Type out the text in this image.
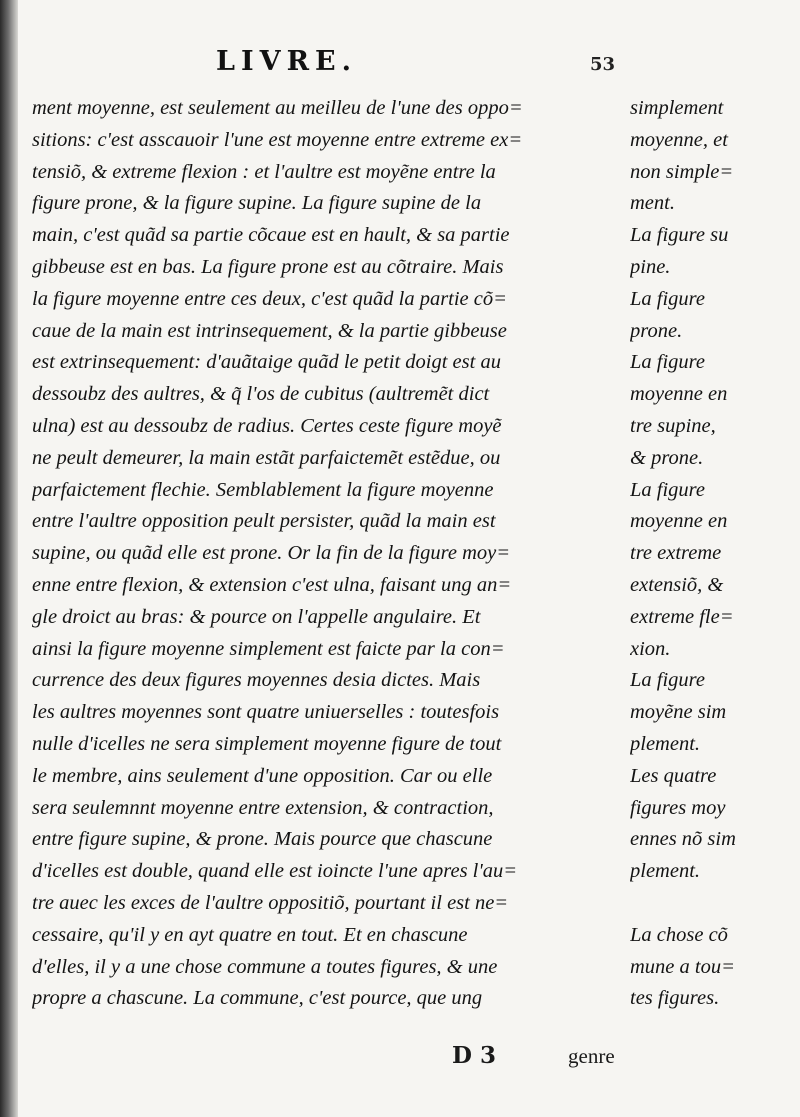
LIVRE.	53
ment moyenne, est seulement au meilleu de l'une des oppo=	simplement
sitions: c'est asscauoir l'une est moyenne entre extreme ex=	moyenne, et
tensiõ, & extreme flexion : et l'aultre est moyẽne entre la	non simple=
figure prone, & la figure supine. La figure supine de la	ment.
main, c'est quãd sa partie cõcaue est en hault, & sa partie	La figure su
gibbeuse est en bas. La figure prone est au cõtraire. Mais	pine.
la figure moyenne entre ces deux, c'est quãd la partie cõ=	La figure
caue de la main est intrinsequement, & la partie gibbeuse	prone.
est extrinsequement: d'auãtaige quãd le petit doigt est au	La figure
dessoubz des aultres, & q̃ l'os de cubitus (aultremẽt dict	moyenne en
ulna) est au dessoubz de radius. Certes ceste figure moyẽ	tre supine,
ne peult demeurer, la main estãt parfaictemẽt estẽdue, ou	& prone.
parfaictement flechie. Semblablement la figure moyenne	La figure
entre l'aultre opposition peult persister, quãd la main est	moyenne en
supine, ou quãd elle est prone. Or la fin de la figure moy=	tre extreme
enne entre flexion, & extension c'est ulna, faisant ung an=	extensiõ, &
gle droict au bras: & pource on l'appelle angulaire. Et	extreme fle=
ainsi la figure moyenne simplement est faicte par la con=	xion.
currence des deux figures moyennes desia dictes. Mais	La figure
les aultres moyennes sont quatre uniuerselles : toutesfois	moyẽne sim
nulle d'icelles ne sera simplement moyenne figure de tout	plement.
le membre, ains seulement d'une opposition. Car ou elle	Les quatre
sera seulemnnt moyenne entre extension, & contraction,	figures moy
entre figure supine, & prone. Mais pource que chascune	ennes nõ sim
d'icelles est double, quand elle est ioincte l'une apres l'au=	plement.
tre auec les exces de l'aultre oppositiõ, pourtant il est ne=
cessaire, qu'il y en ayt quatre en tout. Et en chascune	La chose cõ
d'elles, il y a une chose commune a toutes figures, & une	mune a tou=
propre a chascune. La commune, c'est pource, que ung	tes figures.
D 3	genre
